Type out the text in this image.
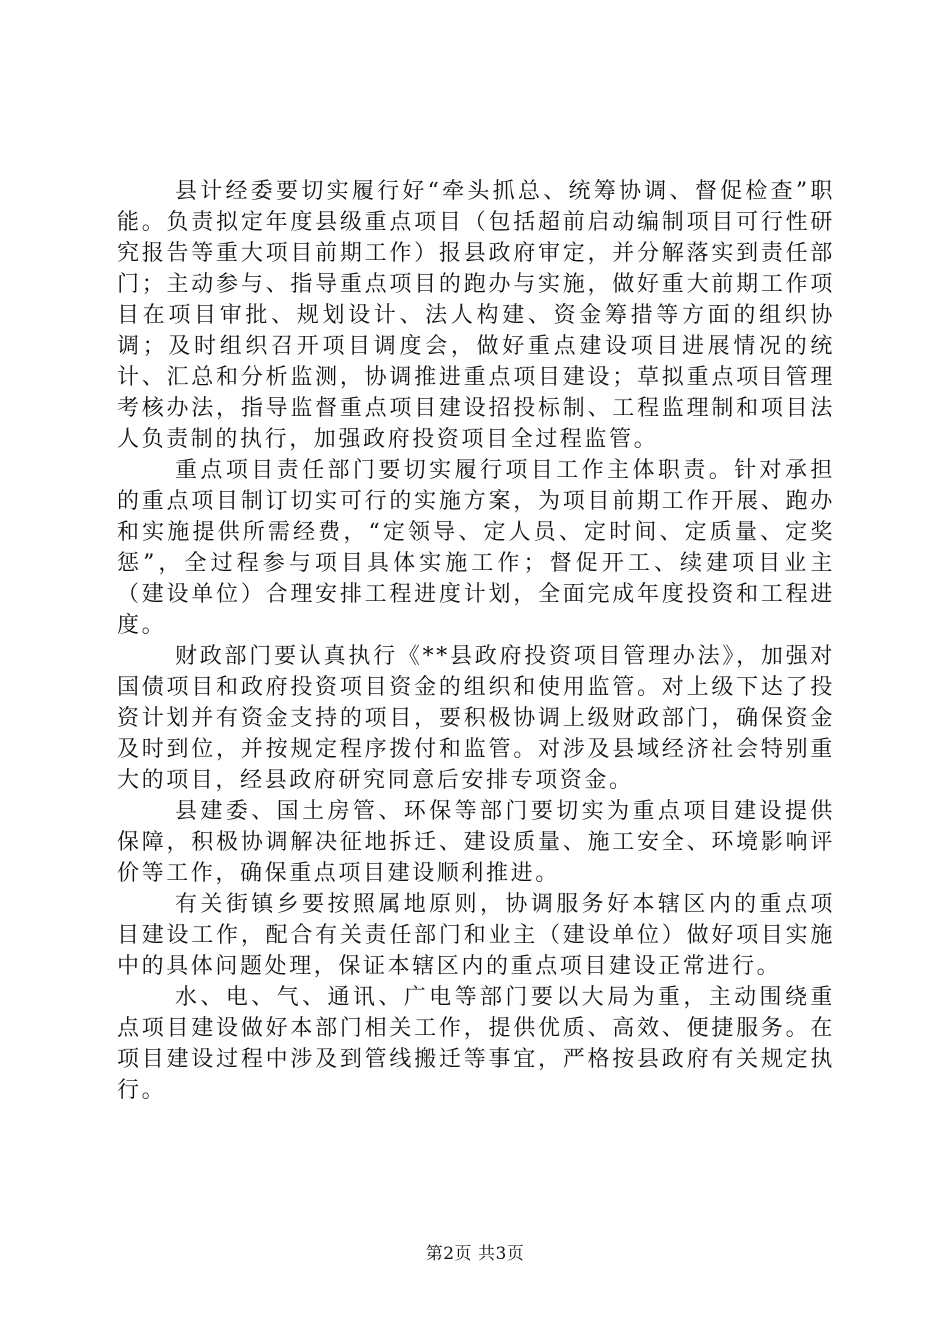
县计经委要切实履行好“牵头抓总、统筹协调、督促检查”职能。负责拟定年度县级重点项目（包括超前启动编制项目可行性研究报告等重大项目前期工作）报县政府审定，并分解落实到责任部门；主动参与、指导重点项目的跑办与实施，做好重大前期工作项目在项目审批、规划设计、法人构建、资金筹措等方面的组织协调；及时组织召开项目调度会，做好重点建设项目进展情况的统计、汇总和分析监测，协调推进重点项目建设；草拟重点项目管理考核办法，指导监督重点项目建设招投标制、工程监理制和项目法人负责制的执行，加强政府投资项目全过程监管。

重点项目责任部门要切实履行项目工作主体职责。针对承担的重点项目制订切实可行的实施方案，为项目前期工作开展、跑办和实施提供所需经费，“定领导、定人员、定时间、定质量、定奖惩”，全过程参与项目具体实施工作；督促开工、续建项目业主（建设单位）合理安排工程进度计划，全面完成年度投资和工程进度。

财政部门要认真执行《**县政府投资项目管理办法》，加强对国债项目和政府投资项目资金的组织和使用监管。对上级下达了投资计划并有资金支持的项目，要积极协调上级财政部门，确保资金及时到位，并按规定程序拨付和监管。对涉及县域经济社会特别重大的项目，经县政府研究同意后安排专项资金。

县建委、国土房管、环保等部门要切实为重点项目建设提供保障，积极协调解决征地拆迁、建设质量、施工安全、环境影响评价等工作，确保重点项目建设顺利推进。

有关街镇乡要按照属地原则，协调服务好本辖区内的重点项目建设工作，配合有关责任部门和业主（建设单位）做好项目实施中的具体问题处理，保证本辖区内的重点项目建设正常进行。

水、电、气、通讯、广电等部门要以大局为重，主动围绕重点项目建设做好本部门相关工作，提供优质、高效、便捷服务。在项目建设过程中涉及到管线搬迁等事宜，严格按县政府有关规定执行。

第2页 共3页
